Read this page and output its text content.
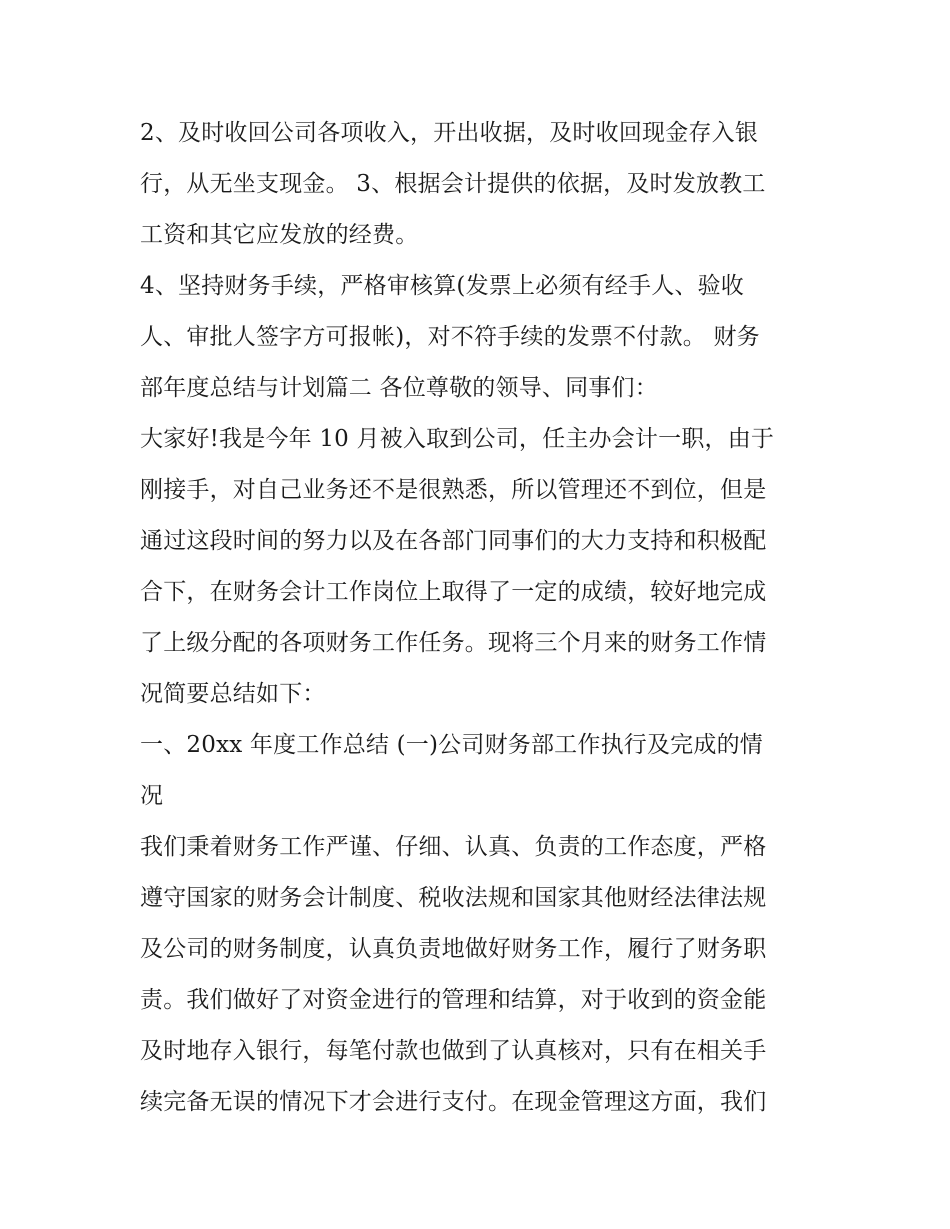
2、及时收回公司各项收入，开出收据，及时收回现金存入银
行，从无坐支现金。 3、根据会计提供的依据，及时发放教工
工资和其它应发放的经费。
4、坚持财务手续，严格审核算(发票上必须有经手人、验收
人、审批人签字方可报帐)，对不符手续的发票不付款。 财务
部年度总结与计划篇二 各位尊敬的领导、同事们：
大家好!我是今年 10 月被入取到公司，任主办会计一职，由于
刚接手，对自己业务还不是很熟悉，所以管理还不到位，但是
通过这段时间的努力以及在各部门同事们的大力支持和积极配
合下，在财务会计工作岗位上取得了一定的成绩，较好地完成
了上级分配的各项财务工作任务。现将三个月来的财务工作情
况简要总结如下：
一、20xx 年度工作总结 (一)公司财务部工作执行及完成的情
况
我们秉着财务工作严谨、仔细、认真、负责的工作态度，严格
遵守国家的财务会计制度、税收法规和国家其他财经法律法规
及公司的财务制度，认真负责地做好财务工作，履行了财务职
责。我们做好了对资金进行的管理和结算，对于收到的资金能
及时地存入银行，每笔付款也做到了认真核对，只有在相关手
续完备无误的情况下才会进行支付。在现金管理这方面，我们
